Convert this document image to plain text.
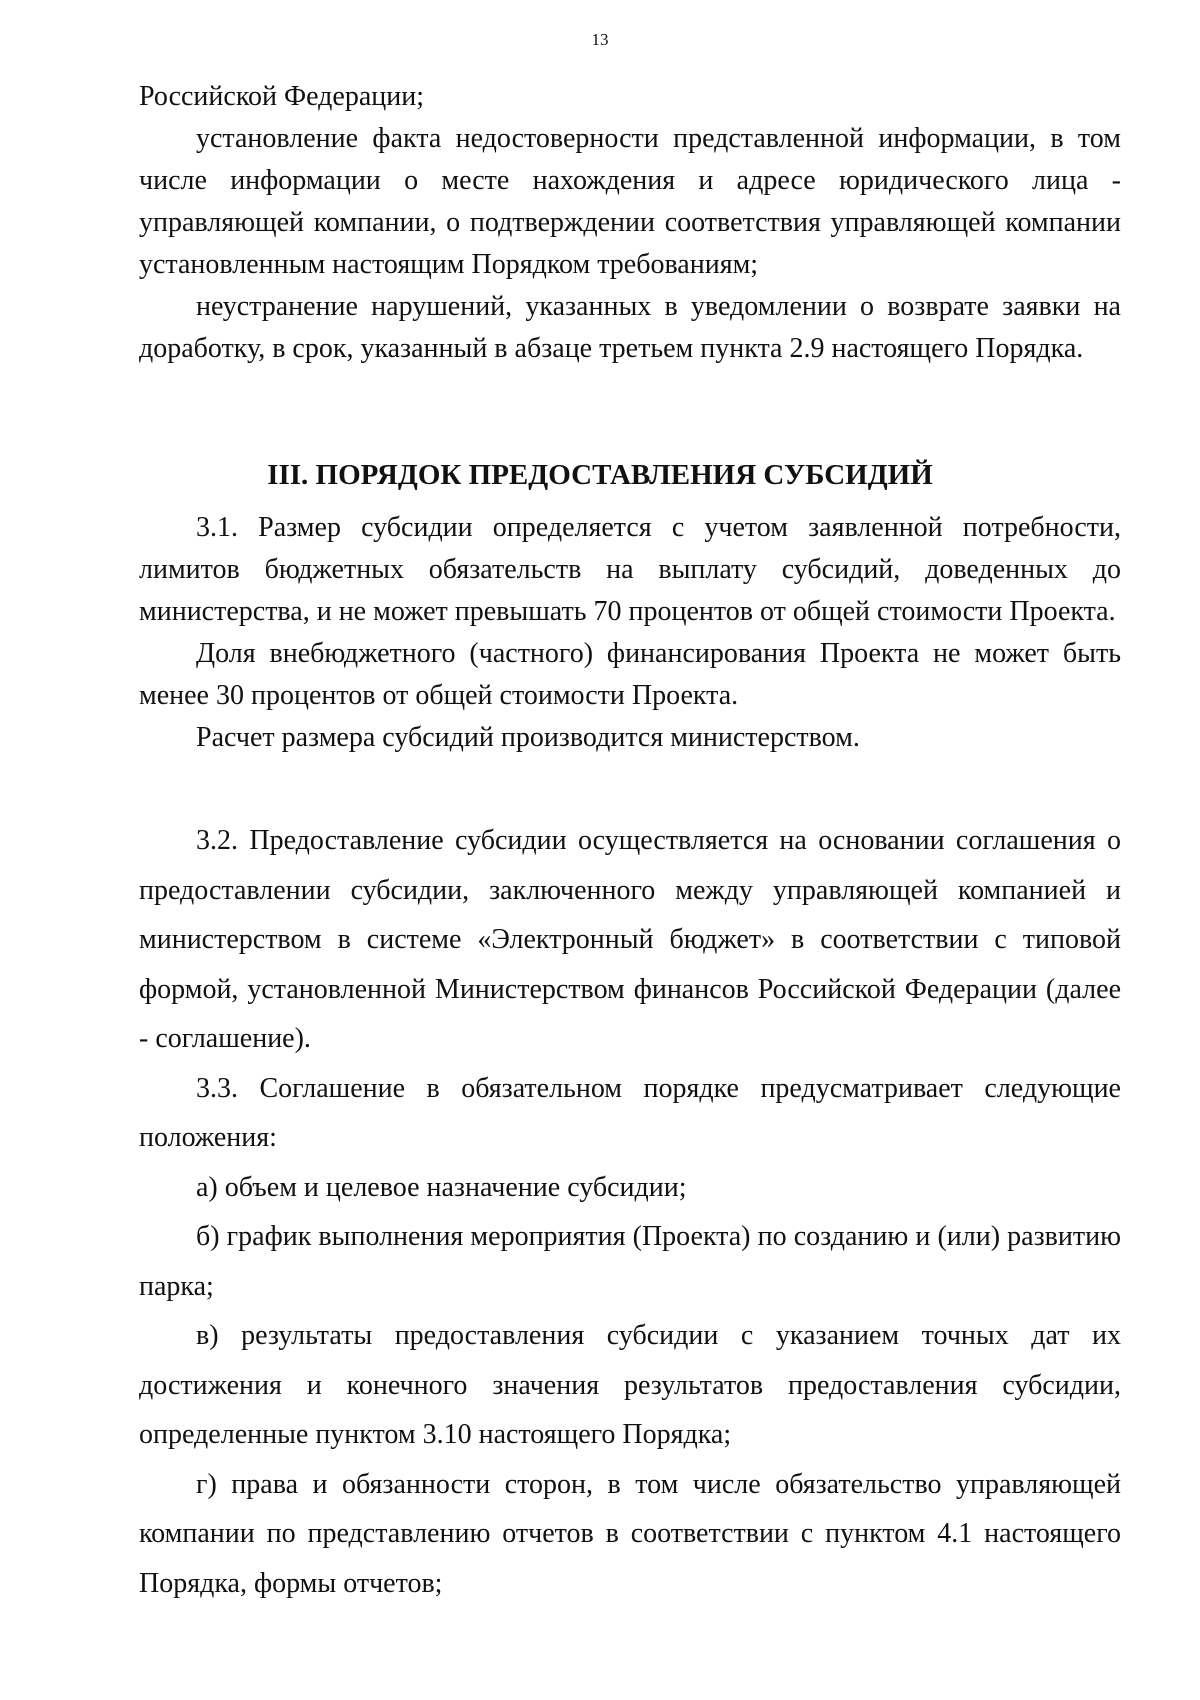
13

Российской Федерации;

установление факта недостоверности представленной информации, в том числе информации о месте нахождения и адресе юридического лица - управляющей компании, о подтверждении соответствия управляющей компании установленным настоящим Порядком требованиям;

неустранение нарушений, указанных в уведомлении о возврате заявки на доработку, в срок, указанный в абзаце третьем пункта 2.9 настоящего Порядка.

III. ПОРЯДОК ПРЕДОСТАВЛЕНИЯ СУБСИДИЙ

3.1. Размер субсидии определяется с учетом заявленной потребности, лимитов бюджетных обязательств на выплату субсидий, доведенных до министерства, и не может превышать 70 процентов от общей стоимости Проекта.

Доля внебюджетного (частного) финансирования Проекта не может быть менее 30 процентов от общей стоимости Проекта.

Расчет размера субсидий производится министерством.

3.2. Предоставление субсидии осуществляется на основании соглашения о предоставлении субсидии, заключенного между управляющей компанией и министерством в системе «Электронный бюджет» в соответствии с типовой формой, установленной Министерством финансов Российской Федерации (далее - соглашение).

3.3. Соглашение в обязательном порядке предусматривает следующие положения:

а) объем и целевое назначение субсидии;

б) график выполнения мероприятия (Проекта) по созданию и (или) развитию парка;

в) результаты предоставления субсидии с указанием точных дат их достижения и конечного значения результатов предоставления субсидии, определенные пунктом 3.10 настоящего Порядка;

г) права и обязанности сторон, в том числе обязательство управляющей компании по представлению отчетов в соответствии с пунктом 4.1 настоящего Порядка, формы отчетов;
